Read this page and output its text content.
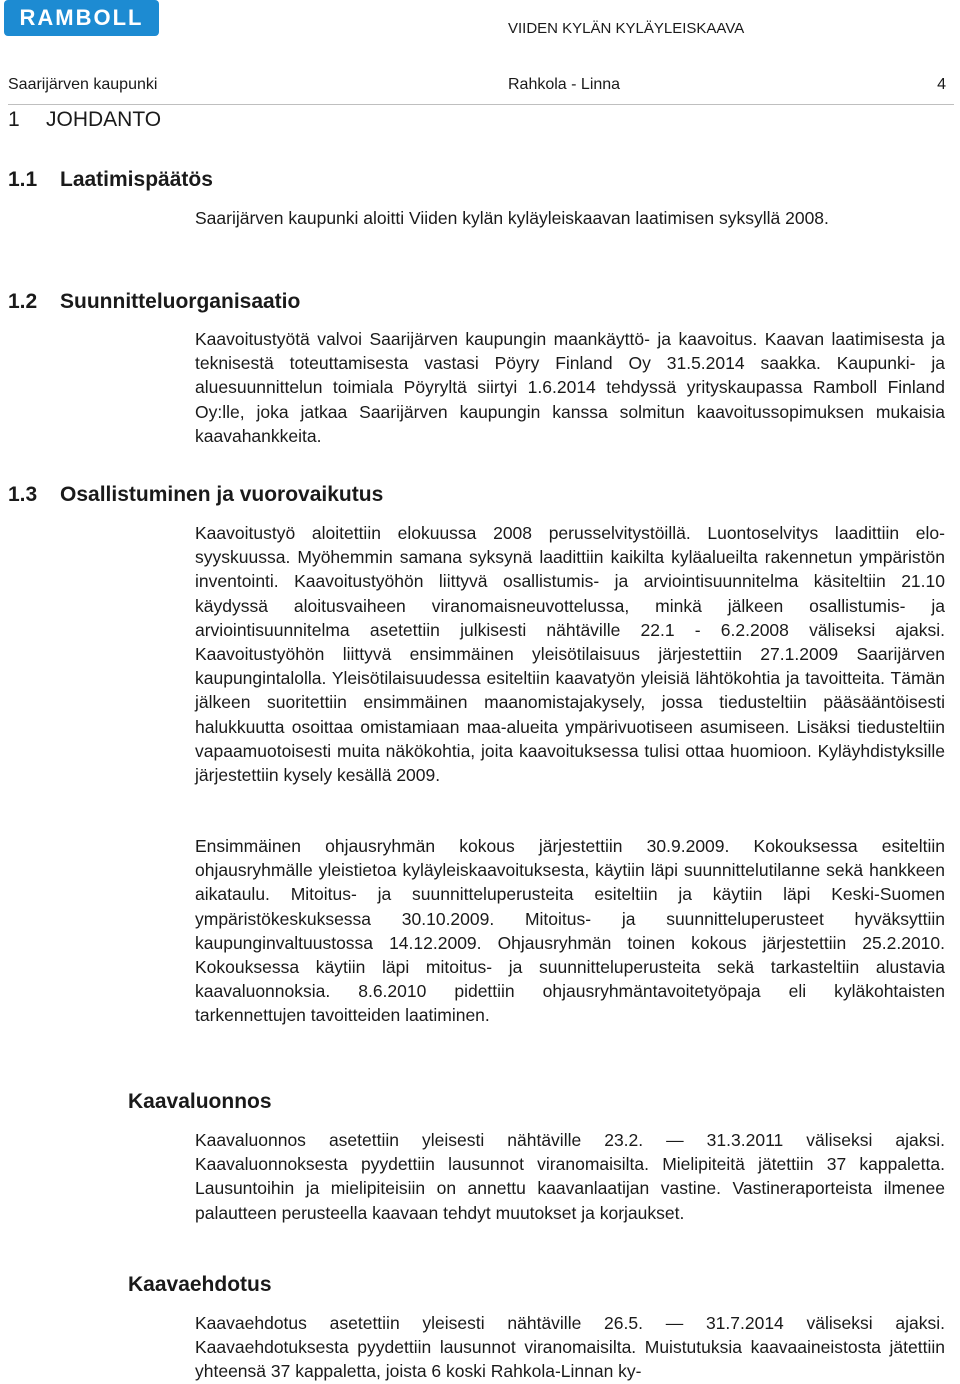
RAMBOLL	VIIDEN KYLÄN KYLÄYLEISKAAVA
Saarijärven kaupunki	Rahkola - Linna	4
1 JOHDANTO
1.1 Laatimispäätös

Saarijärven kaupunki aloitti Viiden kylän kyläyleiskaavan laatimisen syksyllä 2008.

1.2 Suunnitteluorganisaatio

Kaavoitustyötä valvoi Saarijärven kaupungin maankäyttö- ja kaavoitus. Kaavan laatimisesta ja teknisestä toteuttamisesta vastasi Pöyry Finland Oy 31.5.2014 saakka. Kaupunki- ja aluesuunnittelun toimiala Pöyryltä siirtyi 1.6.2014 tehdyssä yrityskaupassa Ramboll Finland Oy:lle, joka jatkaa Saarijärven kaupungin kanssa solmitun kaavoitussopimuksen mukaisia kaavahankkeita.

1.3 Osallistuminen ja vuorovaikutus

Kaavoitustyö aloitettiin elokuussa 2008 perusselvitystöillä. Luontoselvitys laadittiin elo- syyskuussa. Myöhemmin samana syksynä laadittiin kaikilta kyläalueilta rakennetun ympäristön inventointi. Kaavoitustyöhön liittyvä osallistumis- ja arviointisuunnitelma käsiteltiin 21.10 käydyssä aloitusvaiheen viranomaisneuvottelussa, minkä jälkeen osallistumis- ja arviointisuunnitelma asetettiin julkisesti nähtäville 22.1 - 6.2.2008 väliseksi ajaksi. Kaavoitustyöhön liittyvä ensimmäinen yleisötilaisuus järjestettiin 27.1.2009 Saarijärven kaupungintalolla. Yleisötilaisuudessa esiteltiin kaavatyön yleisiä lähtökohtia ja tavoitteita. Tämän jälkeen suoritettiin ensimmäinen maanomistajakysely, jossa tiedusteltiin pääsääntöisesti halukkuutta osoittaa omistamiaan maa-alueita ympärivuotiseen asumiseen. Lisäksi tiedusteltiin vapaamuotoisesti muita näkökohtia, joita kaavoituksessa tulisi ottaa huomioon. Kyläyhdistyksille järjestettiin kysely kesällä 2009.

Ensimmäinen ohjausryhmän kokous järjestettiin 30.9.2009. Kokouksessa esiteltiin ohjausryhmälle yleistietoa kyläyleiskaavoituksesta, käytiin läpi suunnittelutilanne sekä hankkeen aikataulu. Mitoitus- ja suunnitteluperusteita esiteltiin ja käytiin läpi Keski-Suomen ympäristökeskuksessa 30.10.2009. Mitoitus- ja suunnitteluperusteet hyväksyttiin kaupunginvaltuustossa 14.12.2009. Ohjausryhmän toinen kokous järjestettiin 25.2.2010. Kokouksessa käytiin läpi mitoitus- ja suunnitteluperusteita sekä tarkasteltiin alustavia kaavaluonnoksia. 8.6.2010 pidettiin ohjausryhmäntavoitetyöpaja eli kyläkohtaisten tarkennettujen tavoitteiden laatiminen.

Kaavaluonnos

Kaavaluonnos asetettiin yleisesti nähtäville 23.2. — 31.3.2011 väliseksi ajaksi. Kaavaluonnoksesta pyydettiin lausunnot viranomaisilta. Mielipiteitä jätettiin 37 kappaletta. Lausuntoihin ja mielipiteisiin on annettu kaavanlaatijan vastine. Vastineraporteista ilmenee palautteen perusteella kaavaan tehdyt muutokset ja korjaukset.

Kaavaehdotus

Kaavaehdotus asetettiin yleisesti nähtäville 26.5. — 31.7.2014 väliseksi ajaksi. Kaavaehdotuksesta pyydettiin lausunnot viranomaisilta. Muistutuksia kaavaaineistosta jätettiin yhteensä 37 kappaletta, joista 6 koski Rahkola-Linnan ky-
